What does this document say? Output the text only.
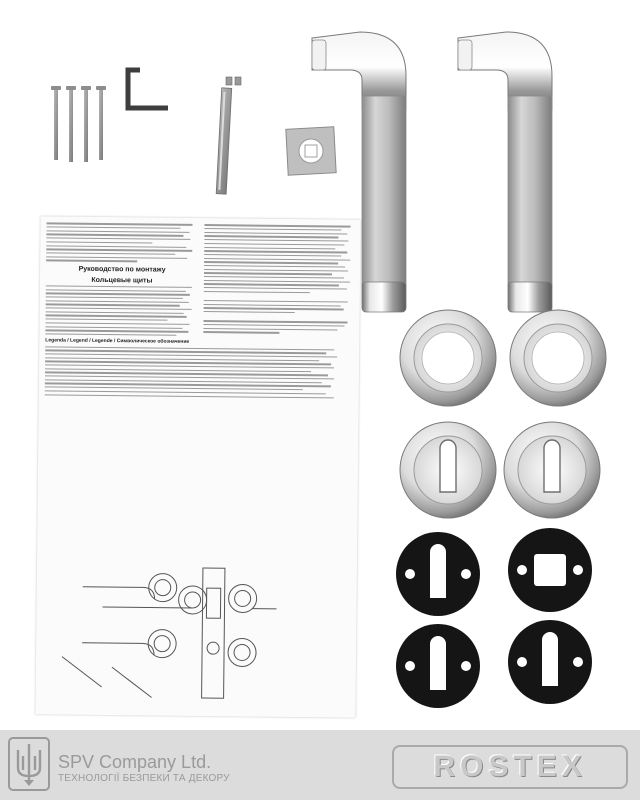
Руководство по монтажу
Кольцевые щиты
Legenda / Legend / Legende / Символическое обозначение
SPV Company Ltd.
ТЕХНОЛОГІЇ БЕЗПЕКИ ТА ДЕКОРУ	ROSTEX
